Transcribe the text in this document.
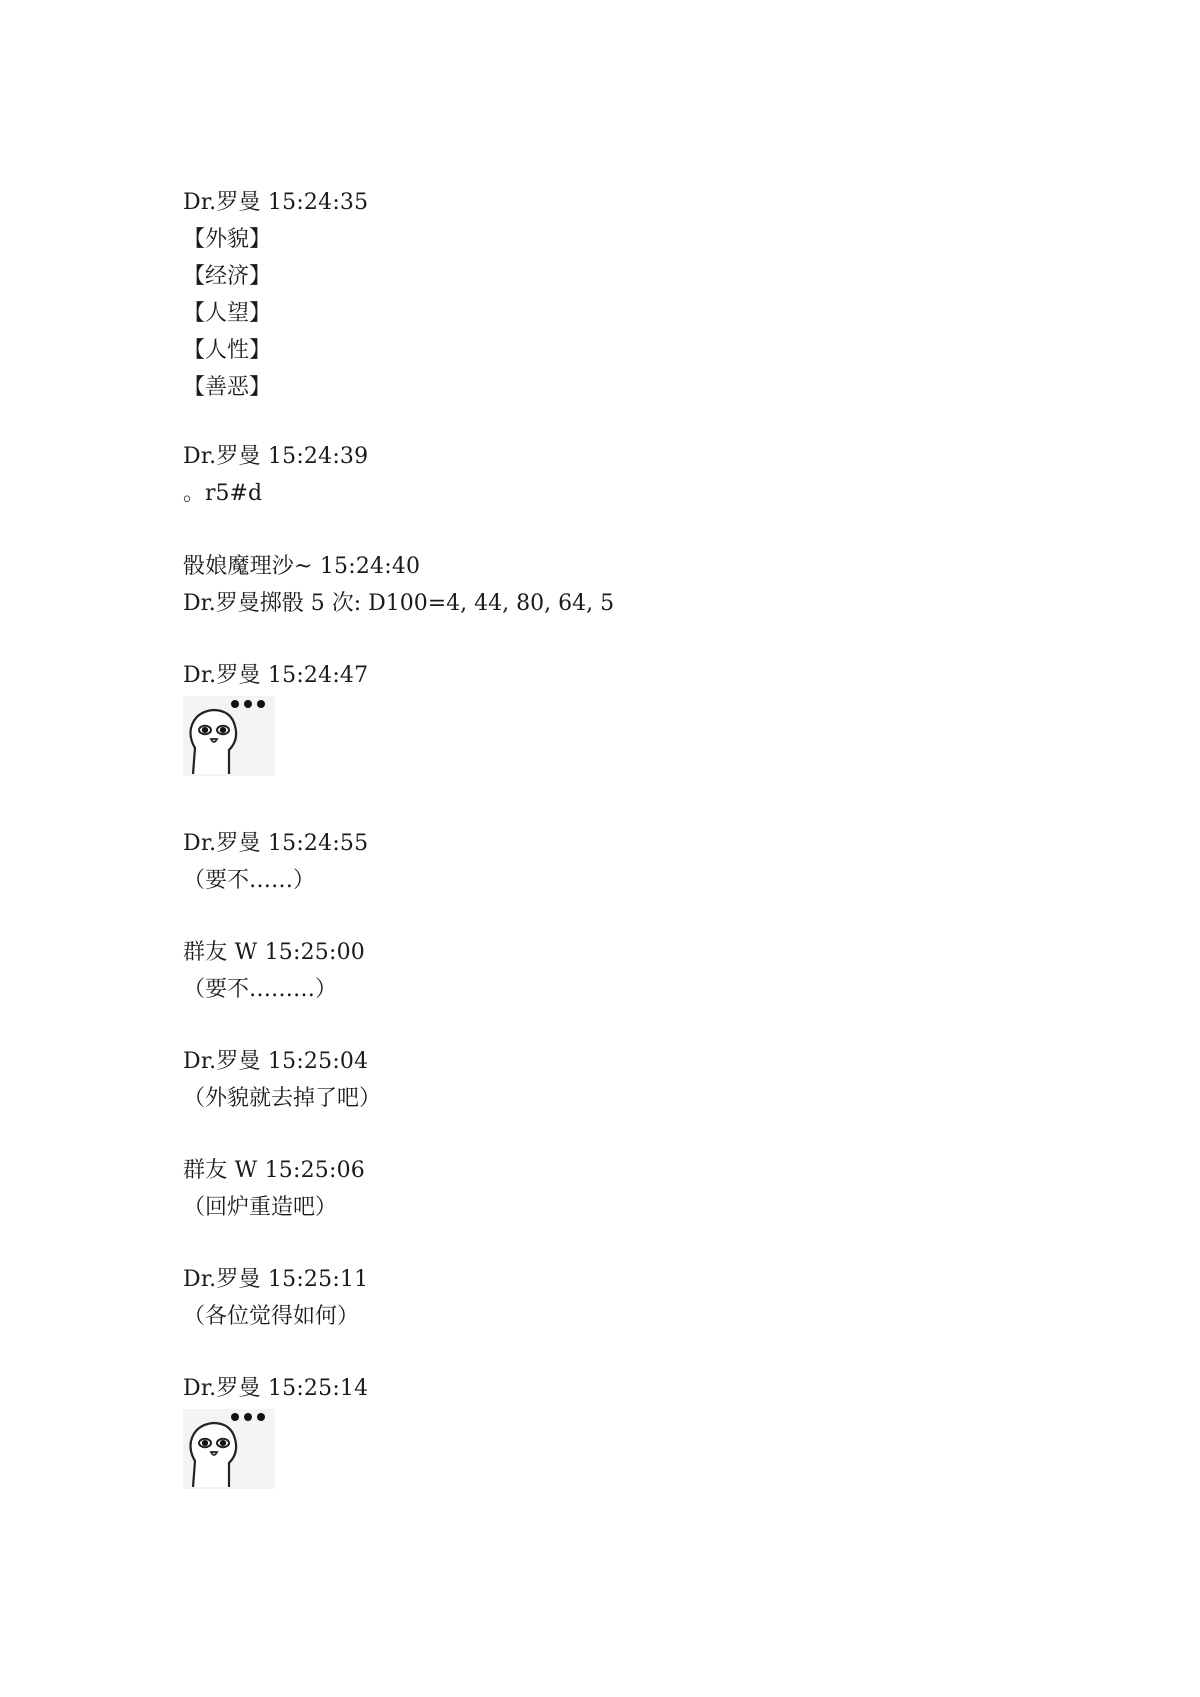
Dr.罗曼 15:24:35
【外貌】
【经济】
【人望】
【人性】
【善恶】
Dr.罗曼 15:24:39
。r5#d
骰娘魔理沙~ 15:24:40
Dr.罗曼掷骰 5 次: D100=4, 44, 80, 64, 5
Dr.罗曼 15:24:47
Dr.罗曼 15:24:55
（要不……）
群友 W 15:25:00
（要不………）
Dr.罗曼 15:25:04
（外貌就去掉了吧）
群友 W 15:25:06
（回炉重造吧）
Dr.罗曼 15:25:11
（各位觉得如何）
Dr.罗曼 15:25:14
